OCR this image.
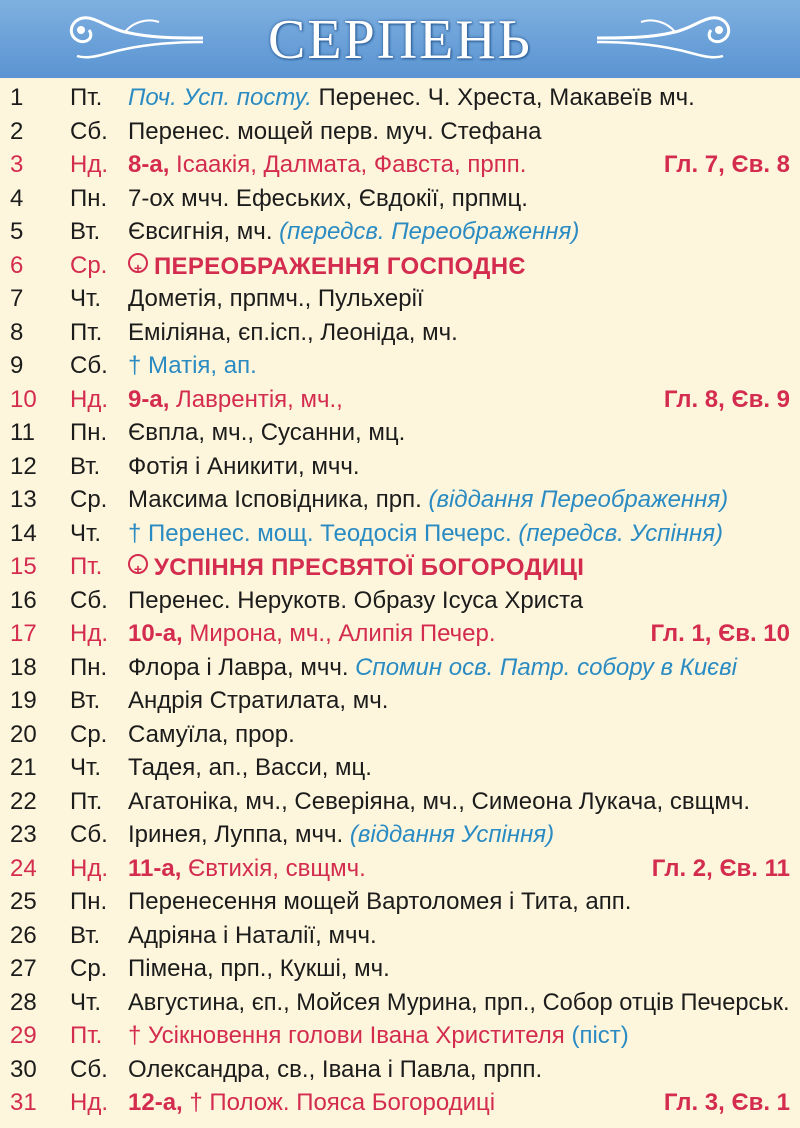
СЕРПЕНЬ
1 Пт. Поч. Усп. посту. Перенес. Ч. Хреста, Макавеїв мч.
2 Сб. Перенес. мощей перв. муч. Стефана
3 Нд. 8-а, Ісаакія, Далмата, Фавста, прпп.	Гл. 7, Єв. 8
4 Пн. 7-ох мчч. Ефеських, Євдокії, прпмц.
5 Вт. Євсигнія, мч. (передсв. Переображення)
6 Ср.	+ ПЕРЕОБРАЖЕННЯ ГОСПОДНЄ
7 Чт. Дометія, прпмч., Пульхерії
8 Пт. Еміліяна, єп.ісп., Леоніда, мч.
9 Сб. † Матія, ап.
10 Нд. 9-а, Лаврентія, мч.,	Гл. 8, Єв. 9
11 Пн. Євпла, мч., Сусанни, мц.
12 Вт. Фотія і Аникити, мчч.
13 Ср. Максима Ісповідника, прп. (віддання Переображення)
14 Чт. † Перенес. мощ. Теодосія Печерс. (передсв. Успіння)
15 Пт.	+ УСПІННЯ ПРЕСВЯТОЇ БОГОРОДИЦІ
16 Сб. Перенес. Нерукотв. Образу Ісуса Христа
17 Нд. 10-а, Мирона, мч., Алипія Печер.	Гл. 1, Єв. 10
18 Пн. Флора і Лавра, мчч. Спомин осв. Патр. собору в Києві
19 Вт. Андрія Стратилата, мч.
20 Ср. Самуїла, прор.
21 Чт. Тадея, ап., Васси, мц.
22 Пт. Агатоніка, мч., Северіяна, мч., Симеона Лукача, свщмч.
23 Сб. Іринея, Луппа, мчч. (віддання Успіння)
24 Нд. 11-а, Євтихія, свщмч.	Гл. 2, Єв. 11
25 Пн. Перенесення мощей Вартоломея і Тита, апп.
26 Вт. Адріяна і Наталії, мчч.
27 Ср. Пімена, прп., Кукші, мч.
28 Чт. Августина, єп., Мойсея Мурина, прп., Собор отців Печерськ.
29 Пт. † Усікновення голови Івана Христителя (піст)
30 Сб. Олександра, св., Івана і Павла, прпп.
31 Нд. 12-а, † Полож. Пояса Богородиці	Гл. 3, Єв. 1
